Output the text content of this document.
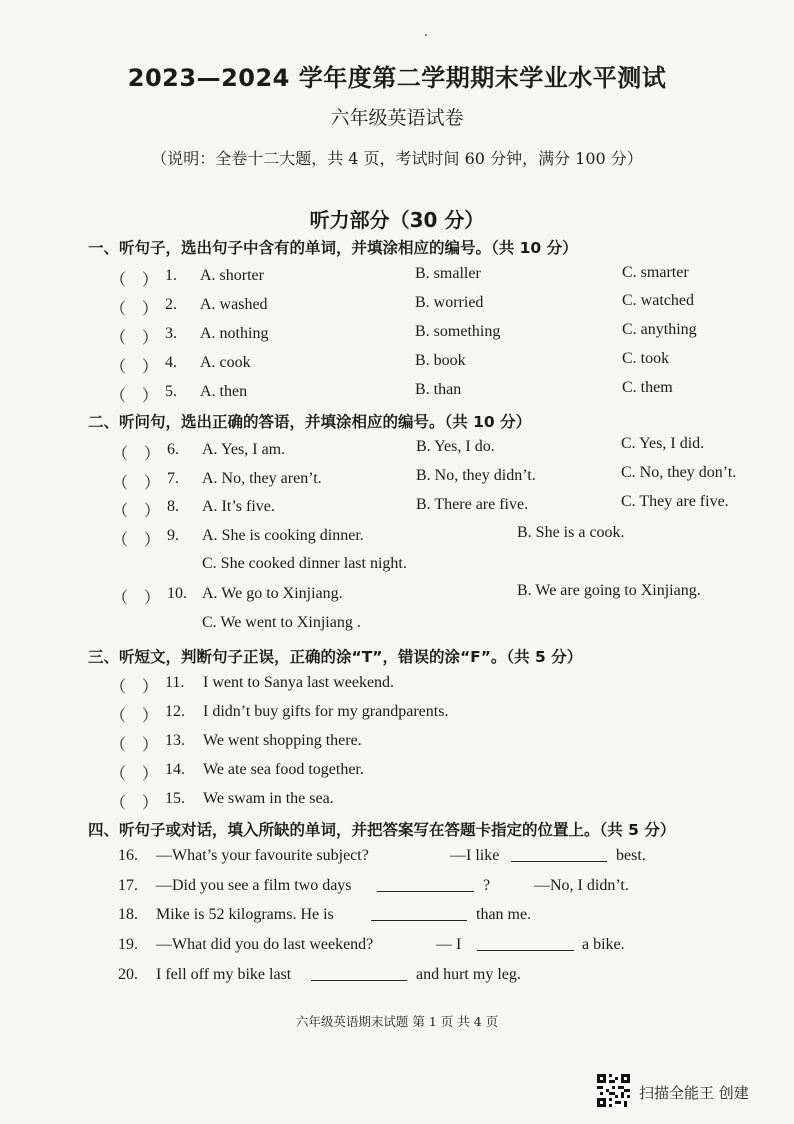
2023—2024 学年度第二学期期末学业水平测试
六年级英语试卷
（说明：全卷十二大题，共 4 页，考试时间 60 分钟，满分 100 分）
听力部分（30 分）
一、听句子，选出句子中含有的单词，并填涂相应的编号。（共 10 分）
（ ） 1. A. shorter	B. smaller	C. smarter
（ ） 2. A. washed	B. worried	C. watched
（ ） 3. A. nothing	B. something	C. anything
（ ） 4. A. cook	B. book	C. took
（ ） 5. A. then	B. than	C. them
二、听问句，选出正确的答语，并填涂相应的编号。（共 10 分）
（ ） 6. A. Yes, I am.	B. Yes, I do.	C. Yes, I did.
（ ） 7. A. No, they aren’t.	B. No, they didn’t.	C. No, they don’t.
（ ） 8. A. It’s five.	B. There are five.	C. They are five.
（ ） 9. A. She is cooking dinner.	B. She is a cook.
C. She cooked dinner last night.
（ ） 10. A. We go to Xinjiang.	B. We are going to Xinjiang.
C. We went to Xinjiang .
三、听短文，判断句子正误，正确的涂“T”，错误的涂“F”。（共 5 分）
（ ） 11. I went to Sanya last weekend.
（ ） 12. I didn’t buy gifts for my grandparents.
（ ） 13. We went shopping there.
（ ） 14. We ate sea food together.
（ ） 15. We swam in the sea.
四、听句子或对话，填入所缺的单词，并把答案写在答题卡指定的位置上。（共 5 分）
16. —What’s your favourite subject?	—I like	best.
17. —Did you see a film two days	?	—No, I didn’t.
18. Mike is 52 kilograms. He is	than me.
19. —What did you do last weekend?	— I	a bike.
20. I fell off my bike last	and hurt my leg.
六年级英语期末试题 第 1 页 共 4 页
扫描全能王 创建
